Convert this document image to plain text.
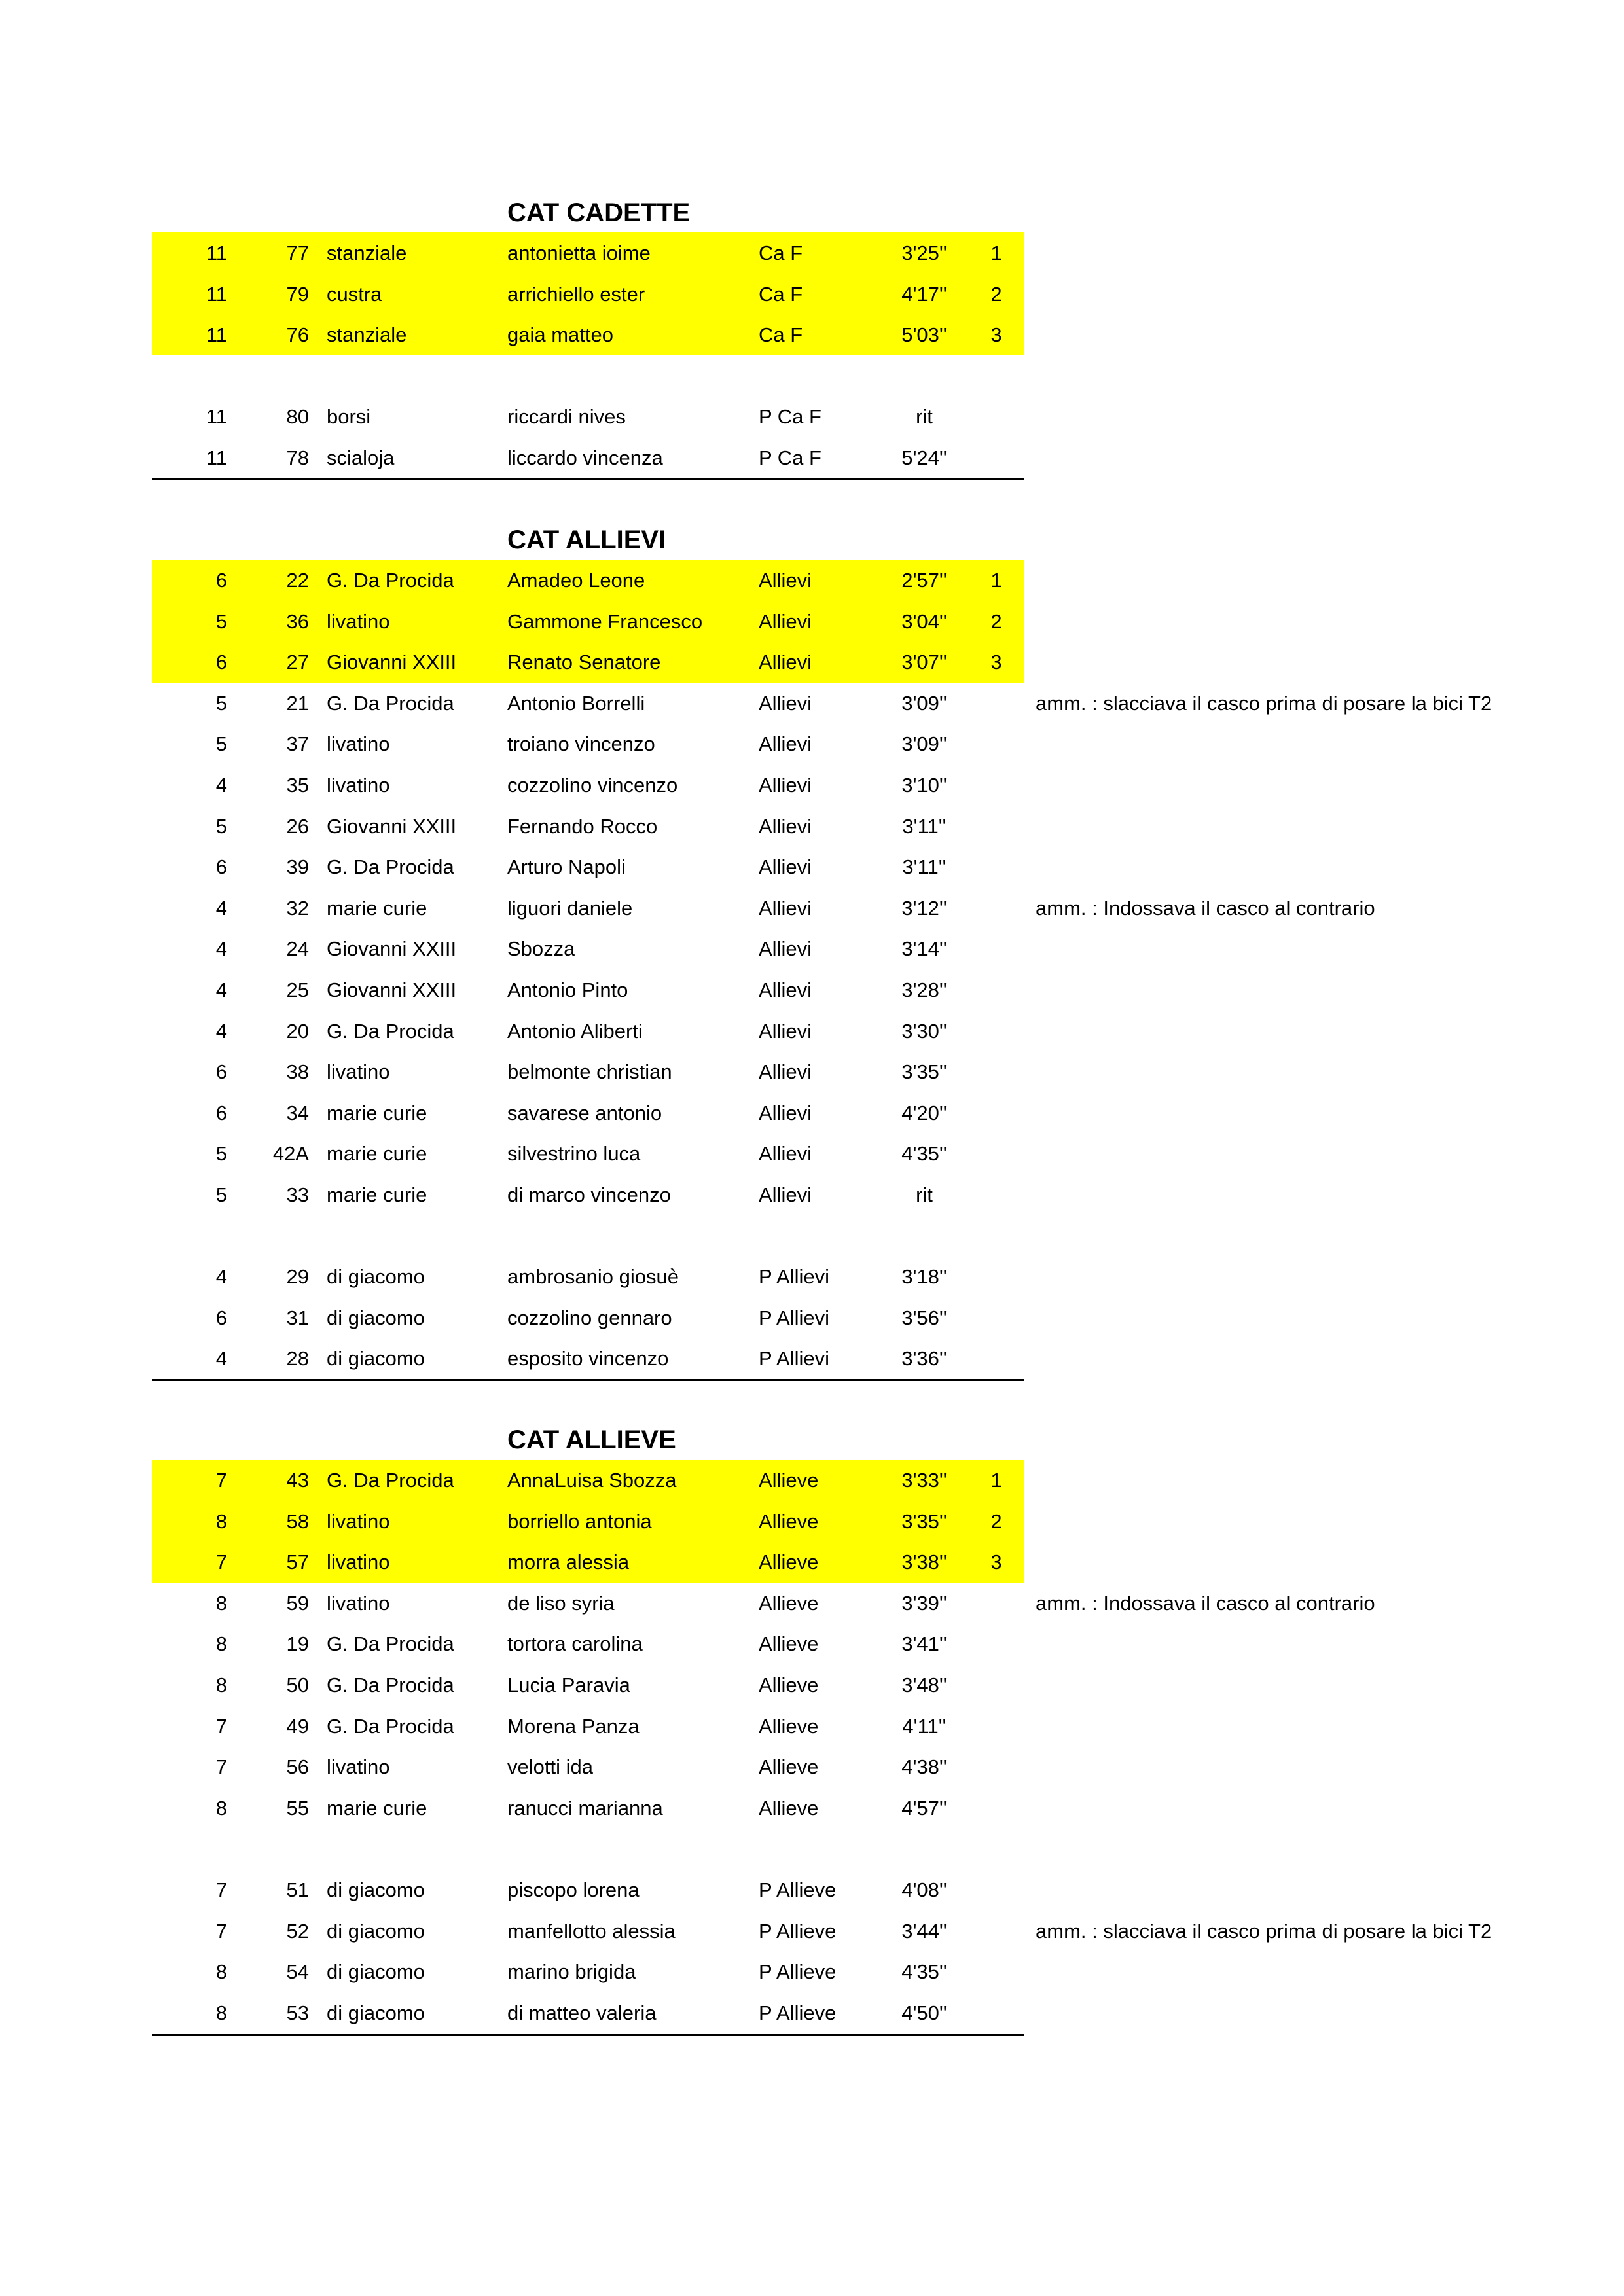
CAT CADETTE
11	77 stanziale	antonietta ioime	Ca F	3'25''	1
11	79 custra	arrichiello ester	Ca F	4'17''	2
11	76 stanziale	gaia matteo	Ca F	5'03''	3
11	80 borsi	riccardi nives	P Ca F	rit
11	78 scialoja	liccardo vincenza	P Ca F	5'24''
CAT ALLIEVI
6	22 G. Da Procida	Amadeo Leone	Allievi	2'57''	1
5	36 livatino	Gammone Francesco	Allievi	3'04''	2
6	27 Giovanni XXIII	Renato Senatore	Allievi	3'07''	3
5	21 G. Da Procida	Antonio Borrelli	Allievi	3'09''	amm. : slacciava il casco prima di posare la bici T2
5	37 livatino	troiano vincenzo	Allievi	3'09''
4	35 livatino	cozzolino vincenzo	Allievi	3'10''
5	26 Giovanni XXIII	Fernando Rocco	Allievi	3'11''
6	39 G. Da Procida	Arturo Napoli	Allievi	3'11''
4	32 marie curie	liguori daniele	Allievi	3'12''	amm. : Indossava il casco al contrario
4	24 Giovanni XXIII	Sbozza	Allievi	3'14''
4	25 Giovanni XXIII	Antonio Pinto	Allievi	3'28''
4	20 G. Da Procida	Antonio Aliberti	Allievi	3'30''
6	38 livatino	belmonte christian	Allievi	3'35''
6	34 marie curie	savarese antonio	Allievi	4'20''
5	42A marie curie	silvestrino luca	Allievi	4'35''
5	33 marie curie	di marco vincenzo	Allievi	rit
4	29 di giacomo	ambrosanio giosuè	P Allievi	3'18''
6	31 di giacomo	cozzolino gennaro	P Allievi	3'56''
4	28 di giacomo	esposito vincenzo	P Allievi	3'36''
CAT ALLIEVE
7	43 G. Da Procida	AnnaLuisa Sbozza	Allieve	3'33''	1
8	58 livatino	borriello antonia	Allieve	3'35''	2
7	57 livatino	morra alessia	Allieve	3'38''	3
8	59 livatino	de liso syria	Allieve	3'39''	amm. : Indossava il casco al contrario
8	19 G. Da Procida	tortora carolina	Allieve	3'41''
8	50 G. Da Procida	Lucia Paravia	Allieve	3'48''
7	49 G. Da Procida	Morena Panza	Allieve	4'11''
7	56 livatino	velotti ida	Allieve	4'38''
8	55 marie curie	ranucci marianna	Allieve	4'57''
7	51 di giacomo	piscopo lorena	P Allieve	4'08''
7	52 di giacomo	manfellotto alessia	P Allieve	3'44''	amm. : slacciava il casco prima di posare la bici T2
8	54 di giacomo	marino brigida	P Allieve	4'35''
8	53 di giacomo	di matteo valeria	P Allieve	4'50''
